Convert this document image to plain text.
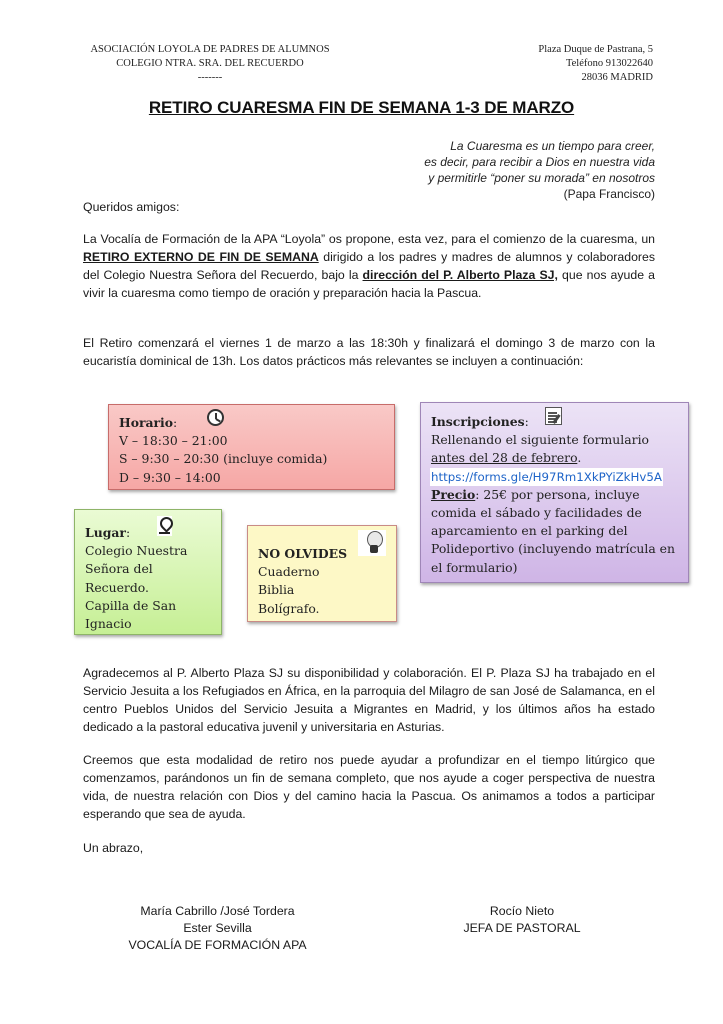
ASOCIACIÓN LOYOLA DE PADRES DE ALUMNOS
COLEGIO NTRA. SRA. DEL RECUERDO
-------
Plaza Duque de Pastrana, 5
Teléfono 913022640
28036 MADRID
RETIRO CUARESMA FIN DE SEMANA 1-3 DE MARZO
La Cuaresma es un tiempo para creer,
es decir, para recibir a Dios en nuestra vida
y permitirle “poner su morada” en nosotros
(Papa Francisco)
Queridos amigos:
La Vocalía de Formación de la APA “Loyola” os propone, esta vez, para el comienzo de la cuaresma, un RETIRO EXTERNO DE FIN DE SEMANA dirigido a los padres y madres de alumnos y colaboradores del Colegio Nuestra Señora del Recuerdo, bajo la dirección del P. Alberto Plaza SJ, que nos ayude a vivir la cuaresma como tiempo de oración y preparación hacia la Pascua.
El Retiro comenzará el viernes 1 de marzo a las 18:30h y finalizará el domingo 3 de marzo con la eucaristía dominical de 13h. Los datos prácticos más relevantes se incluyen a continuación:
Horario:
V – 18:30 – 21:00
S – 9:30 – 20:30 (incluye comida)
D – 9:30 – 14:00
Inscripciones:
Rellenando el siguiente formulario
antes del 28 de febrero.
https://forms.gle/H97Rm1XkPYiZkHv5A
Precio: 25€ por persona, incluye comida el sábado y facilidades de aparcamiento en el parking del Polideportivo (incluyendo matrícula en el formulario)
Lugar:
Colegio Nuestra
Señora del
Recuerdo.
Capilla de San
Ignacio
NO OLVIDES
Cuaderno
Biblia
Bolígrafo.
Agradecemos al P. Alberto Plaza SJ su disponibilidad y colaboración. El P. Plaza SJ ha trabajado en el Servicio Jesuita a los Refugiados en África, en la parroquia del Milagro de san José de Salamanca, en el centro Pueblos Unidos del Servicio Jesuita a Migrantes en Madrid, y los últimos años ha estado dedicado a la pastoral educativa juvenil y universitaria en Asturias.
Creemos que esta modalidad de retiro nos puede ayudar a profundizar en el tiempo litúrgico que comenzamos, parándonos un fin de semana completo, que nos ayude a coger perspectiva de nuestra vida, de nuestra relación con Dios y del camino hacia la Pascua. Os animamos a todos a participar esperando que sea de ayuda.
Un abrazo,
María Cabrillo /José Tordera
Ester Sevilla
VOCALÍA DE FORMACIÓN APA
Rocío Nieto
JEFA DE PASTORAL
